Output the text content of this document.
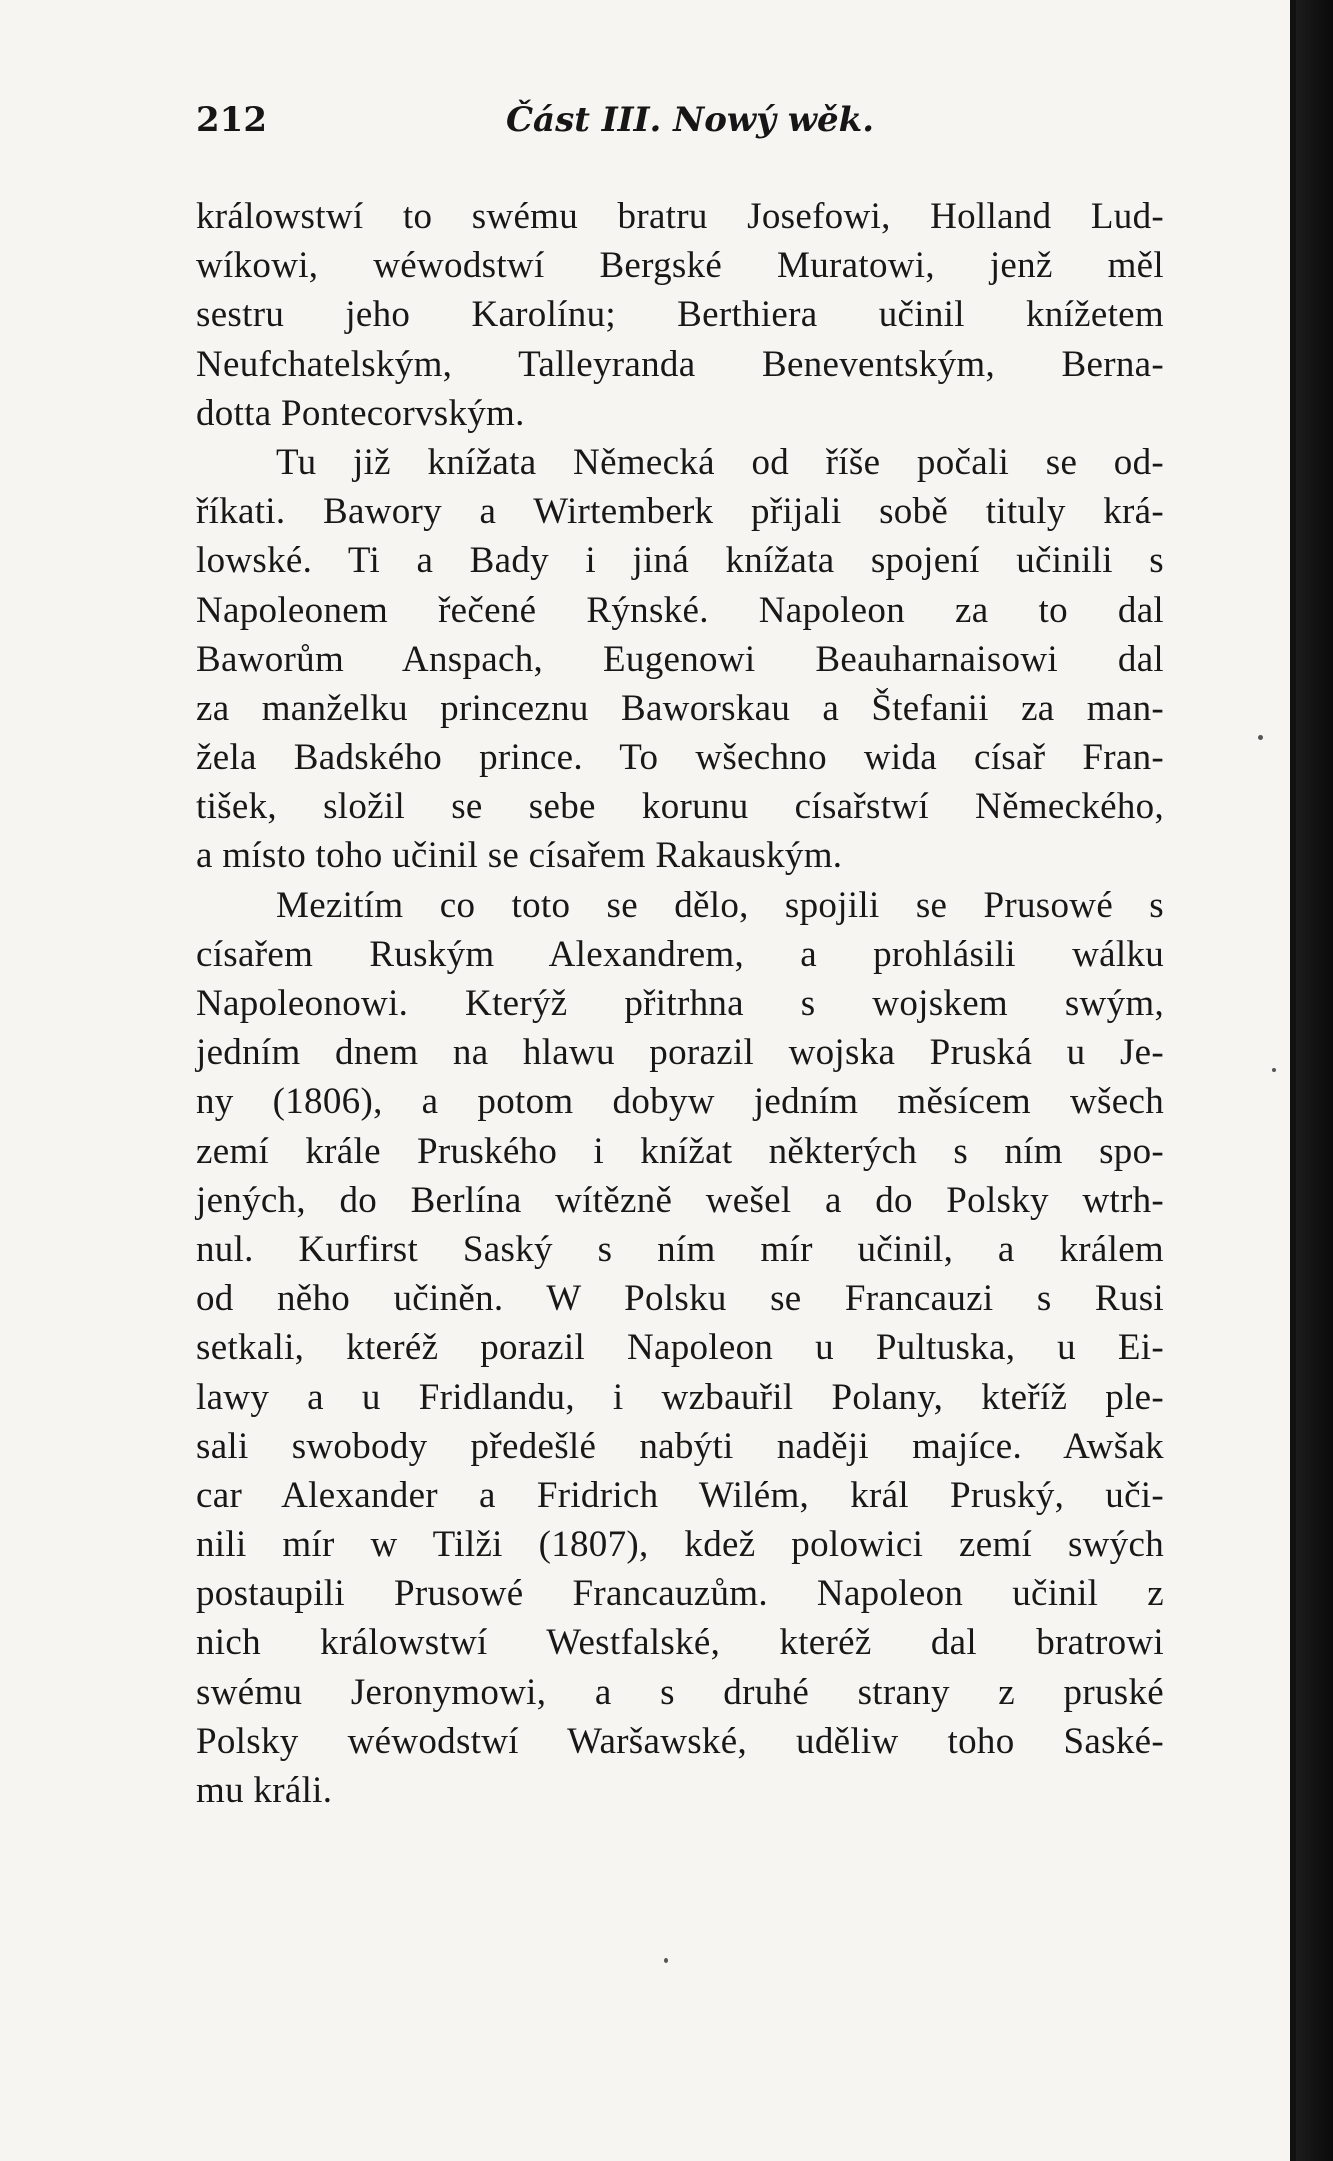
212	Část III. Nowý wěk.
králowstwí to swému bratru Josefowi, Holland Lud-
wíkowi, wéwodstwí Bergské Muratowi, jenž měl
sestru jeho Karolínu; Berthiera učinil knížetem
Neufchatelským, Talleyranda Beneventským, Berna-
dotta Pontecorvským.
Tu již knížata Německá od říše počali se od-
říkati. Bawory a Wirtemberk přijali sobě tituly krá-
lowské. Ti a Bady i jiná knížata spojení učinili s
Napoleonem řečené Rýnské. Napoleon za to dal
Baworům Anspach, Eugenowi Beauharnaisowi dal
za manželku princeznu Baworskau a Štefanii za man-
žela Badského prince. To wšechno wida císař Fran-
tišek, složil se sebe korunu císařstwí Německého,
a místo toho učinil se císařem Rakauským.
Mezitím co toto se dělo, spojili se Prusowé s
císařem Ruským Alexandrem, a prohlásili wálku
Napoleonowi. Kterýž přitrhna s wojskem swým,
jedním dnem na hlawu porazil wojska Pruská u Je-
ny (1806), a potom dobyw jedním měsícem wšech
zemí krále Pruského i knížat některých s ním spo-
jených, do Berlína wítězně wešel a do Polsky wtrh-
nul. Kurfirst Saský s ním mír učinil, a králem
od něho učiněn. W Polsku se Francauzi s Rusi
setkali, kteréž porazil Napoleon u Pultuska, u Ei-
lawy a u Fridlandu, i wzbauřil Polany, kteříž ple-
sali swobody předešlé nabýti naději majíce. Awšak
car Alexander a Fridrich Wilém, král Pruský, uči-
nili mír w Tilži (1807), kdež polowici zemí swých
postaupili Prusowé Francauzům. Napoleon učinil z
nich králowstwí Westfalské, kteréž dal bratrowi
swému Jeronymowi, a s druhé strany z pruské
Polsky wéwodstwí Waršawské, uděliw toho Saské-
mu králi.
